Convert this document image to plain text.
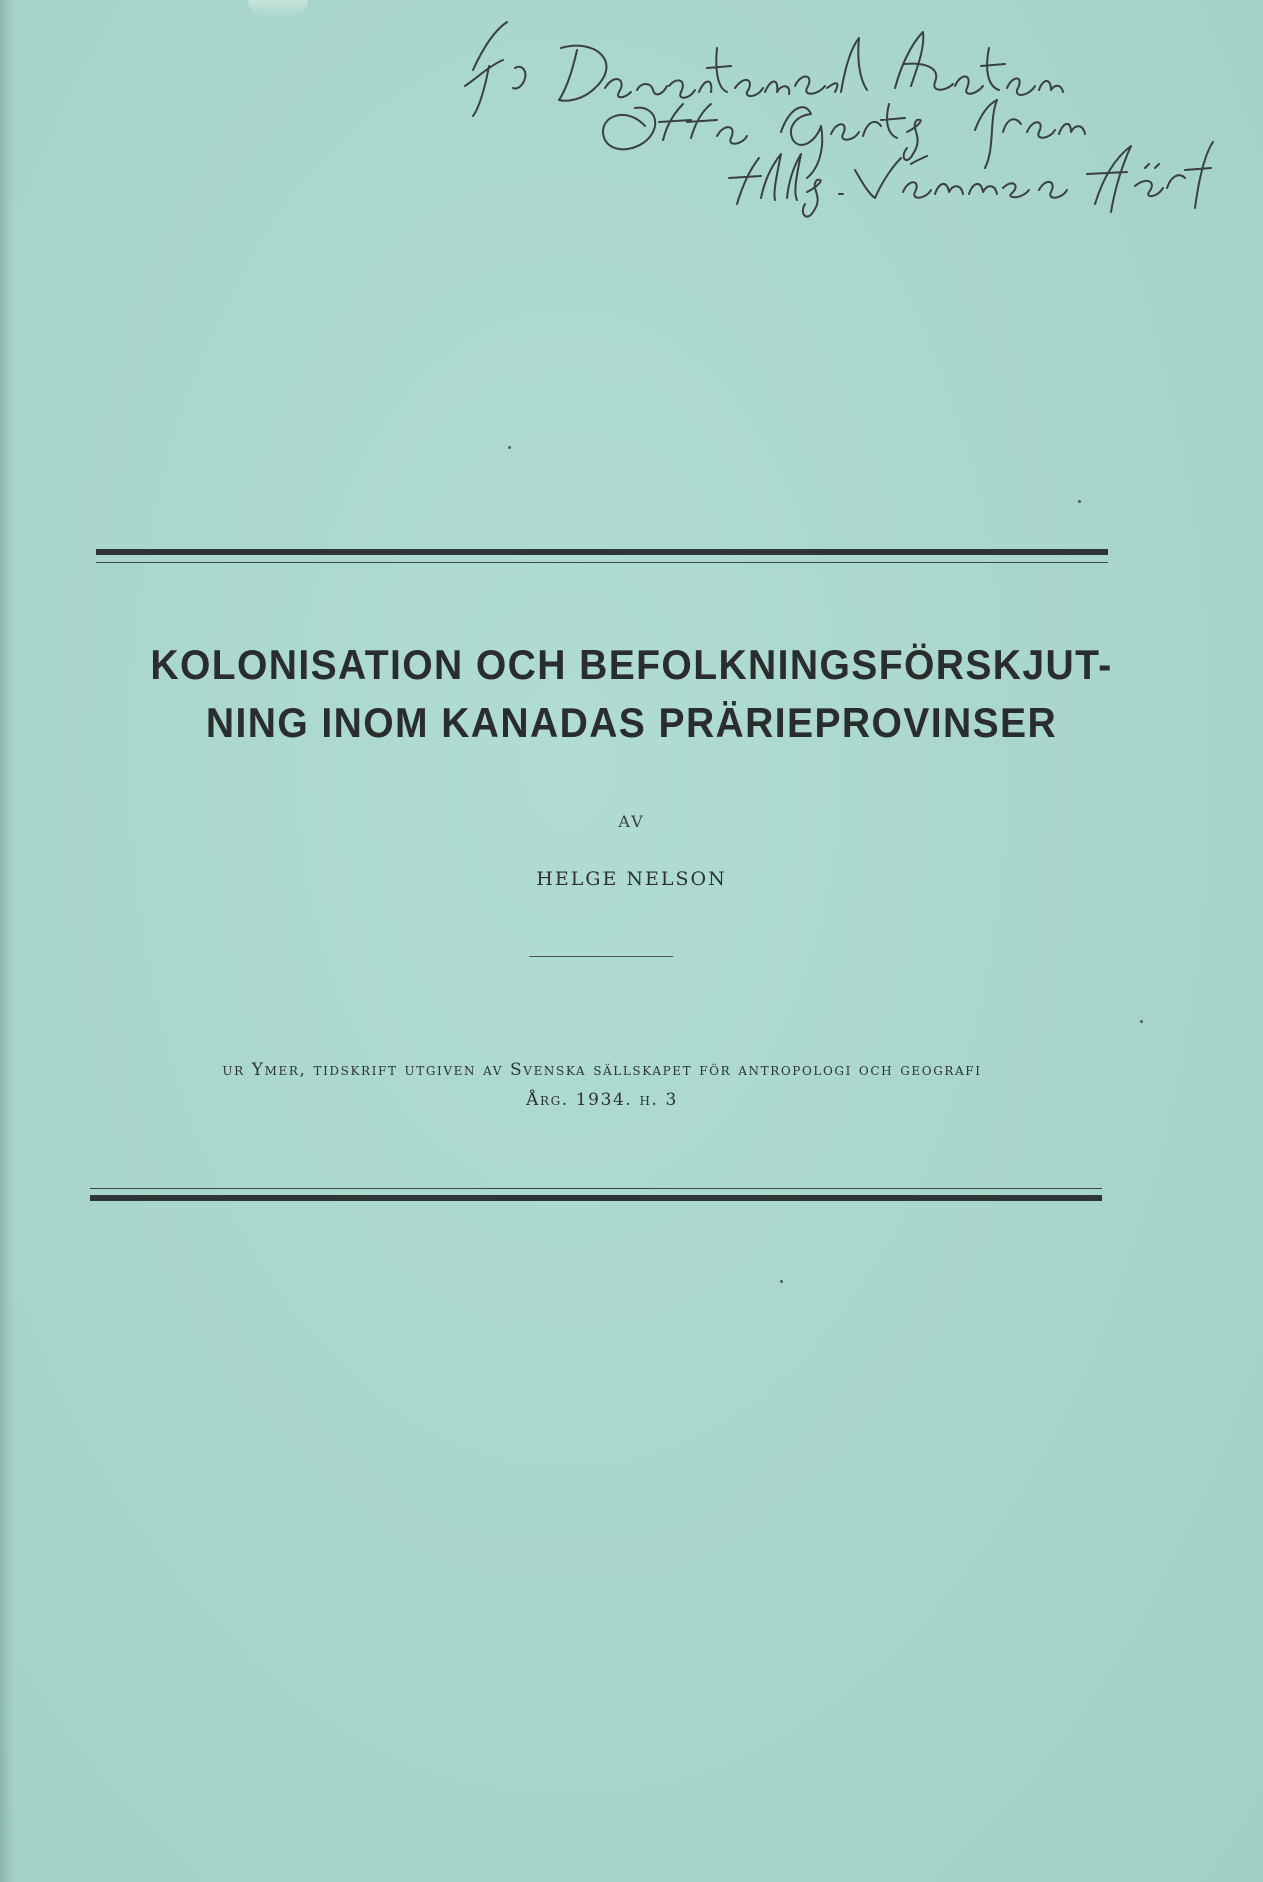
KOLONISATION OCH BEFOLKNINGSFÖRSKJUT-
NING INOM KANADAS PRÄRIEPROVINSER
AV
HELGE NELSON
ur Ymer, tidskrift utgiven av Svenska sällskapet för antropologi och geografi
Årg. 1934. h. 3
